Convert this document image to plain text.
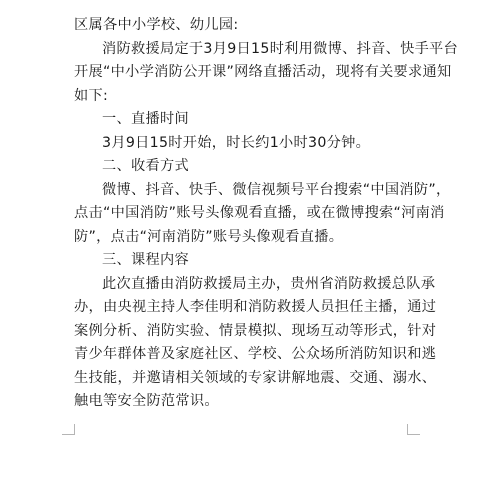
区属各中小学校、幼儿园:
消防救援局定于3月9日15时利用微博、抖音、快手平台
开展“中小学消防公开课”网络直播活动，现将有关要求通知
如下:
一、直播时间
3月9日15时开始，时长约1小时30分钟。
二、收看方式
微博、抖音、快手、微信视频号平台搜索“中国消防”，
点击“中国消防”账号头像观看直播，或在微博搜索“河南消
防”，点击“河南消防”账号头像观看直播。
三、课程内容
此次直播由消防救援局主办，贵州省消防救援总队承
办，由央视主持人李佳明和消防救援人员担任主播，通过
案例分析、消防实验、情景模拟、现场互动等形式，针对
青少年群体普及家庭社区、学校、公众场所消防知识和逃
生技能，并邀请相关领域的专家讲解地震、交通、溺水、
触电等安全防范常识。
